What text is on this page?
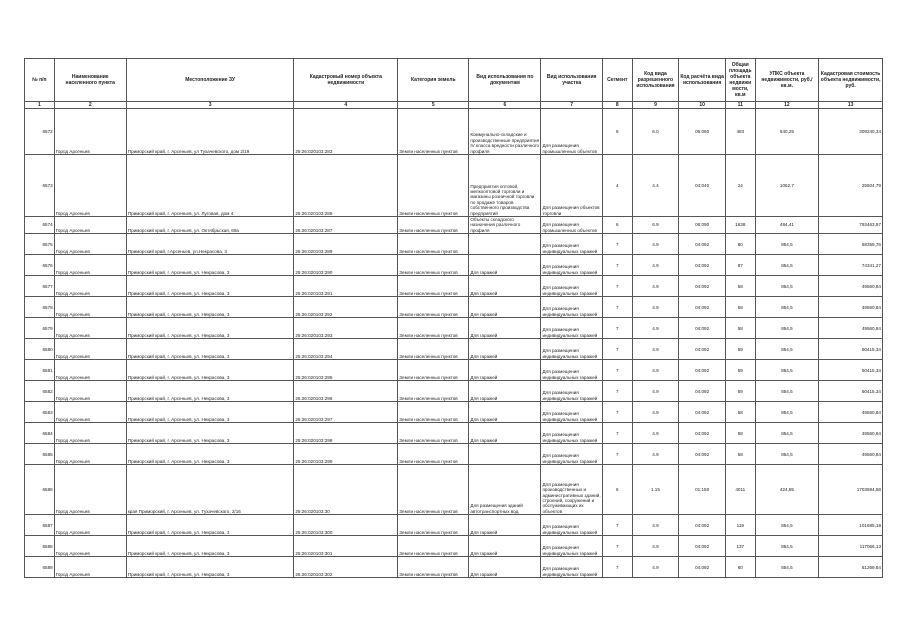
№ п/п	Наименование населенного пункта	Местоположение ЗУ	Кадастровый номер объекта недвижимости	Категория земель	Вид использования по документам	Вид использования участка	Сегмент	Код вида разрешенного использования	Код расчёта вида использования	Общая площадь объекта недвижи мости, кв.м	УПКС объекта недвижимости, руб./кв.м.	Кадастровая стоимость объекта недвижимости, руб.
1	2	3	4	5	6	7	8	9	10	11	12	13
6572	Город Арсеньев	Приморский край, г. Арсеньев, ул Тухачевского, дом 2/19	25:26:020103:283	Земли населенных пунктов	Коммунально-складские и производственные предприятия IV класса вредности различного профиля	Для размещения промышленных объектов	6	6.0	06:060	483	640,25	309240,34
6573	Город Арсеньев	Приморский край, г. Арсеньев, ул. Луговая, дом 4	25:26:020103:285	Земли населенных пунктов	Предприятия оптовой, мелкооптовой торговли и магазины розничной торговли по продаже товаров собственного производства предприятий	Для размещения объектов торговли	4	4.4	04:040	24	1062,7	25504,79
6574	Город Арсеньев	Приморский край, г. Арсеньев, ул. Октябрьская, 69а	25:26:020103:287	Земли населенных пунктов	Объекты складского назначения различного профиля	Для размещения промышленных объектов	6	6.9	06:090	1638	484,41	793463,97
6575	Город Арсеньев	Приморский край, г.Арсеньев, ул.Некрасова, 3	25:26:020103:289	Земли населенных пунктов		Для размещения индивидуальных гаражей	7	4.9	04:092	80	854,5	68359,76
6576	Город Арсеньев	Приморский край, г. Арсеньев, ул. Некрасова, 3	25:26:020103:290	Земли населенных пунктов	Для гаражей	Для размещения индивидуальных гаражей	7	4.9	04:092	87	854,5	74341,27
6577	Город Арсеньев	Приморский край, г. Арсеньев, ул. Некрасова, 3	25:26:020103:291	Земли населенных пунктов	Для гаражей	Для размещения индивидуальных гаражей	7	4.9	04:092	58	854,5	49560,84
6578	Город Арсеньев	Приморский край, г. Арсеньев, ул. Некрасова, 3	25:26:020103:292	Земли населенных пунктов	Для гаражей	Для размещения индивидуальных гаражей	7	4.9	04:092	58	854,5	49560,84
6579	Город Арсеньев	Приморский край, г. Арсеньев, ул. Некрасова, 3	25:26:020103:293	Земли населенных пунктов	Для гаражей	Для размещения индивидуальных гаражей	7	4.9	04:092	58	854,5	49560,84
6580	Город Арсеньев	Приморский край, г. Арсеньев, ул. Некрасова, 3	25:26:020103:294	Земли населенных пунктов	Для гаражей	Для размещения индивидуальных гаражей	7	4.9	04:092	59	854,5	50415,34
6581	Город Арсеньев	Приморский край, г. Арсеньев, ул. Некрасова, 3	25:26:020103:295	Земли населенных пунктов	Для гаражей	Для размещения индивидуальных гаражей	7	4.9	04:092	59	854,5	50415,34
6582	Город Арсеньев	Приморский край, г. Арсеньев, ул. Некрасова, 3	25:26:020103:296	Земли населенных пунктов	Для гаражей	Для размещения индивидуальных гаражей	7	4.9	04:092	59	854,5	50415,34
6583	Город Арсеньев	Приморский край, г. Арсеньев, ул. Некрасова, 3	25:26:020103:297	Земли населенных пунктов	Для гаражей	Для размещения индивидуальных гаражей	7	4.9	04:092	58	854,5	49560,84
6584	Город Арсеньев	Приморский край, г. Арсеньев, ул. Некрасова, 3	25:26:020103:298	Земли населенных пунктов	Для гаражей	Для размещения индивидуальных гаражей	7	4.9	04:092	58	854,5	49560,84
6585	Город Арсеньев	Приморский край, г. Арсеньев, ул. Некрасова, 3	25:26:020103:299	Земли населенных пунктов		Для размещения индивидуальных гаражей	7	4.9	04:092	58	854,5	49560,84
6586	Город Арсеньев	края Приморский, г. Арсеньев, ул. Тухачевского, 2/16	25:26:020103:30	Земли населенных пунктов	Для размещения зданий автотранспортных вод.	Для размещения производственных и административных зданий, строений, сооружений и обслуживающих их объектов	6	1.15	01:150	4011	424,85	1703594,58
6587	Город Арсеньев	Приморский край, г. Арсеньев, ул. Некрасова, 3	25:26:020103:300	Земли населенных пунктов	Для гаражей	Для размещения индивидуальных гаражей	7	4.9	04:092	119	854,5	101685,18
6588	Город Арсеньев	Приморский край, г. Арсеньев, ул. Некрасова, 3	25:26:020103:301	Земли населенных пунктов	Для гаражей	Для размещения индивидуальных гаражей	7	4.9	04:092	137	854,5	117066,13
6589	Город Арсеньев	Приморский край, г. Арсеньев, ул. Некрасова, 3	25:26:020103:302	Земли населенных пунктов	Для гаражей	Для размещения индивидуальных гаражей	7	4.9	04:092	60	854,5	51269,84
